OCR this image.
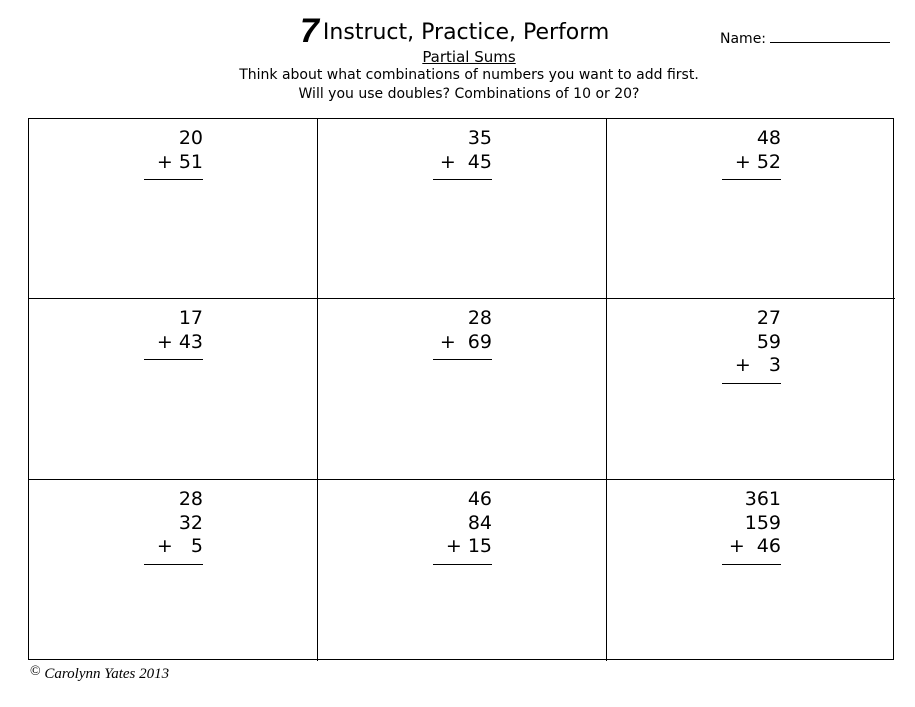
7 Instruct, Practice, Perform	Name:
Partial Sums
Think about what combinations of numbers you want to add first.
Will you use doubles? Combinations of 10 or 20?
20
+ 51
35
+  45
48
+ 52
17
+ 43
28
+  69
27
59
+   3
28
32
+   5
46
84
+ 15
361
159
+  46
© Carolynn Yates 2013
